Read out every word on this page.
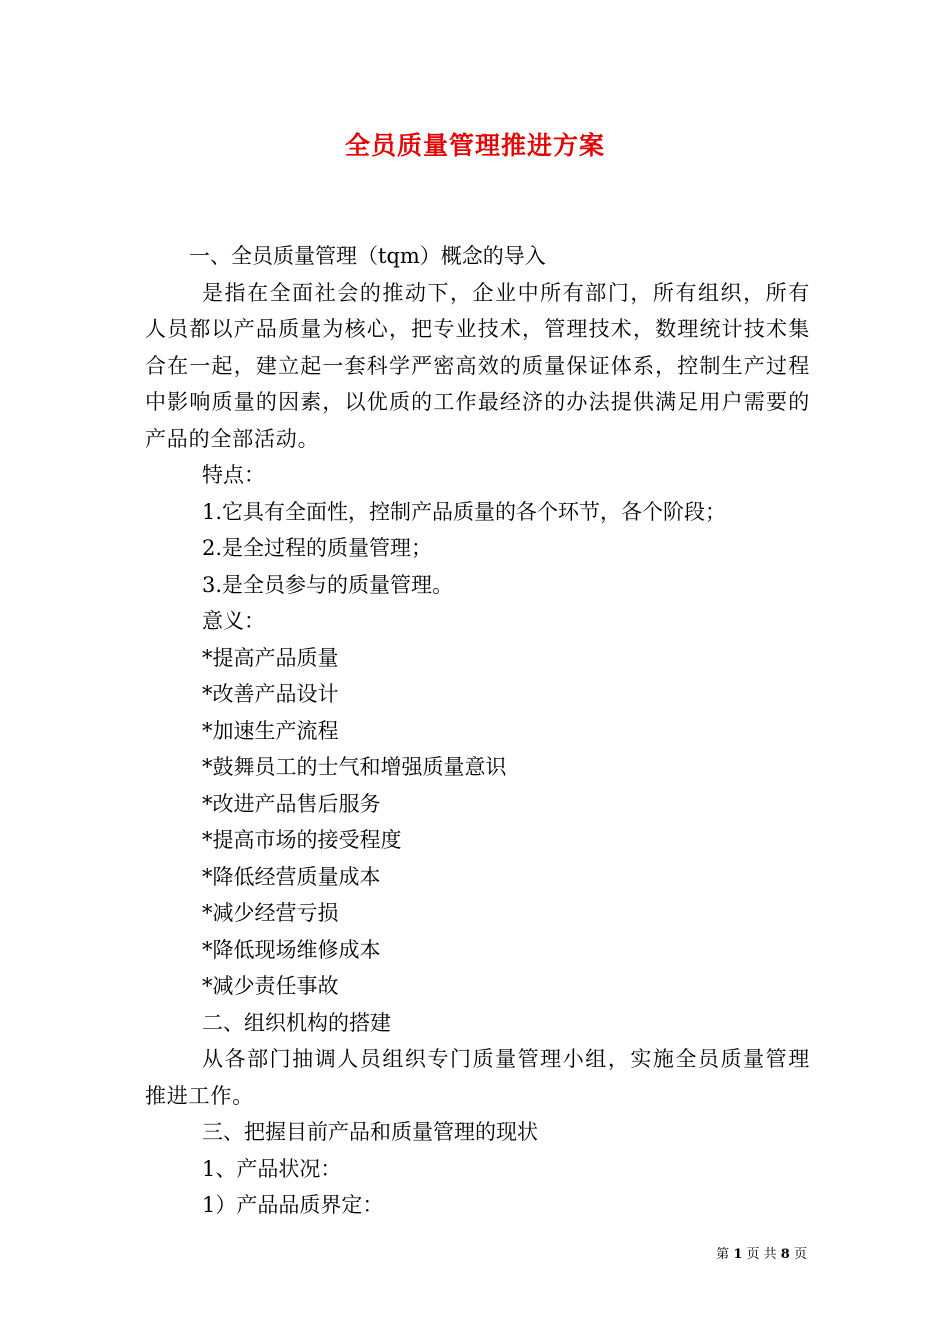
全员质量管理推进方案
一、全员质量管理（tqm）概念的导入
是指在全面社会的推动下，企业中所有部门，所有组织，所有人员都以产品质量为核心，把专业技术，管理技术，数理统计技术集合在一起，建立起一套科学严密高效的质量保证体系，控制生产过程中影响质量的因素，以优质的工作最经济的办法提供满足用户需要的产品的全部活动。
特点：
1.它具有全面性，控制产品质量的各个环节，各个阶段；
2.是全过程的质量管理；
3.是全员参与的质量管理。
意义：
*提高产品质量
*改善产品设计
*加速生产流程
*鼓舞员工的士气和增强质量意识
*改进产品售后服务
*提高市场的接受程度
*降低经营质量成本
*减少经营亏损
*降低现场维修成本
*减少责任事故
二、组织机构的搭建
从各部门抽调人员组织专门质量管理小组，实施全员质量管理推进工作。
三、把握目前产品和质量管理的现状
1、产品状况：
1）产品品质界定：
第 1 页 共 8 页
